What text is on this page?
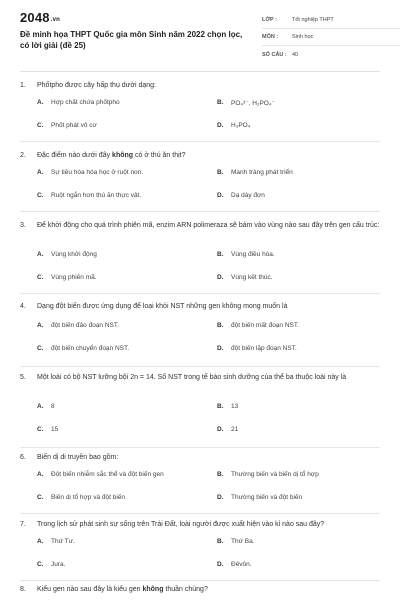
2048.vn
Đề minh họa THPT Quốc gia môn Sinh năm 2022 chọn lọc, có lời giải (đề 25)
LỚP :	Tốt nghiệp THPT
MÔN :	Sinh học
SỐ CÂU : 40
1.	Phốtpho được cây hấp thụ dưới dạng:
A.	Hợp chất chứa phốtpho	B.	PO₄³⁻, H₂PO₄⁻
C.	Phốt phát vô cơ	D.	H₃PO₄
2.	Đặc điểm nào dưới đây không có ở thú ăn thịt?
A.	Sự tiêu hóa hóa học ở ruột non.	B.	Manh tràng phát triển
C.	Ruột ngắn hơn thú ăn thực vật.	D.	Dạ dày đơn
3.	Để khởi động cho quá trình phiên mã, enzim ARN polimeraza sẽ bám vào vùng nào sau đây trên gen cấu trúc:
A.	Vùng khởi động	B.	Vùng điều hòa.
C.	Vùng phiên mã.	D.	Vùng kết thúc.
4.	Dạng đột biến được ứng dụng để loại khỏi NST những gen không mong muốn là
A.	đột biến đảo đoạn NST.	B.	đột biến mất đoạn NST.
C.	đột biến chuyển đoạn NST.	D.	đột biến lặp đoạn NST.
5.	Một loài có bộ NST lưỡng bội 2n = 14. Số NST trong tế bào sinh dưỡng của thể ba thuộc loài này là
A.	8	B.	13
C.	15	D.	21
6.	Biến dị di truyền bao gồm:
A.	Đột biến nhiễm sắc thể và đột biến gen	B.	Thường biến và biến dị tổ hợp
C.	Biến dị tổ hợp và đột biến	D.	Thường biến và đột biến
7.	Trong lịch sử phát sinh sự sống trên Trái Đất, loài người được xuất hiện vào kỉ nào sau đây?
A.	Thứ Tư.	B.	Thứ Ba.
C.	Jura.	D.	Đêvôn.
8.	Kiểu gen nào sau đây là kiểu gen không thuần chủng?
